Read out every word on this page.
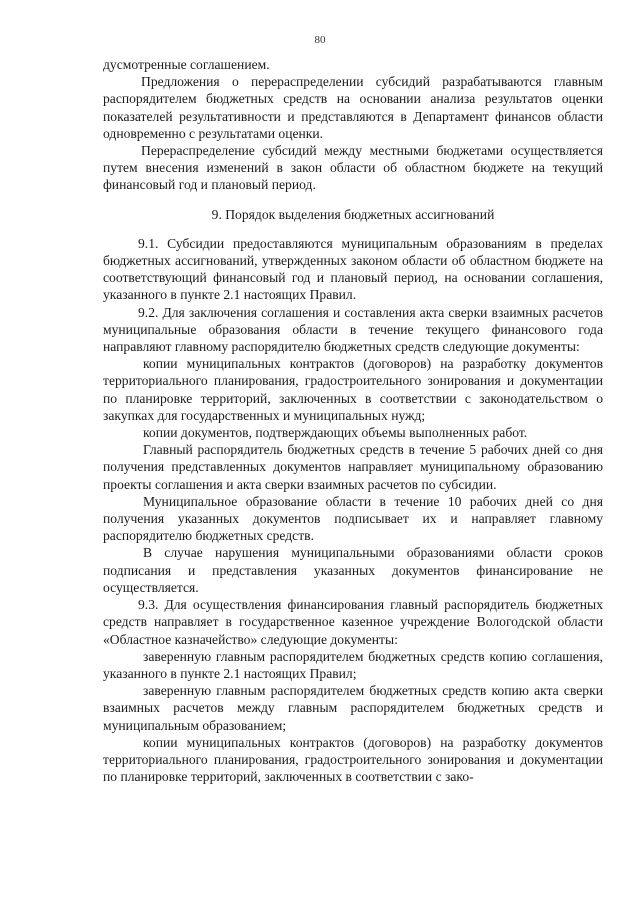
80

дусмотренные соглашением.

Предложения о перераспределении субсидий разрабатываются главным распорядителем бюджетных средств на основании анализа результатов оценки показателей результативности и представляются в Департамент финансов области одновременно с результатами оценки.

Перераспределение субсидий между местными бюджетами осуществляется путем внесения изменений в закон области об областном бюджете на текущий финансовый год и плановый период.

9. Порядок выделения бюджетных ассигнований

9.1. Субсидии предоставляются муниципальным образованиям в пределах бюджетных ассигнований, утвержденных законом области об областном бюджете на соответствующий финансовый год и плановый период, на основании соглашения, указанного в пункте 2.1 настоящих Правил.

9.2. Для заключения соглашения и составления акта сверки взаимных расчетов муниципальные образования области в течение текущего финансового года направляют главному распорядителю бюджетных средств следующие документы:

копии муниципальных контрактов (договоров) на разработку документов территориального планирования, градостроительного зонирования и документации по планировке территорий, заключенных в соответствии с законодательством о закупках для государственных и муниципальных нужд;

копии документов, подтверждающих объемы выполненных работ.

Главный распорядитель бюджетных средств в течение 5 рабочих дней со дня получения представленных документов направляет муниципальному образованию проекты соглашения и акта сверки взаимных расчетов по субсидии.

Муниципальное образование области в течение 10 рабочих дней со дня получения указанных документов подписывает их и направляет главному распорядителю бюджетных средств.

В случае нарушения муниципальными образованиями области сроков подписания и представления указанных документов финансирование не осуществляется.

9.3. Для осуществления финансирования главный распорядитель бюджетных средств направляет в государственное казенное учреждение Вологодской области «Областное казначейство» следующие документы:

заверенную главным распорядителем бюджетных средств копию соглашения, указанного в пункте 2.1 настоящих Правил;

заверенную главным распорядителем бюджетных средств копию акта сверки взаимных расчетов между главным распорядителем бюджетных средств и муниципальным образованием;

копии муниципальных контрактов (договоров) на разработку документов территориального планирования, градостроительного зонирования и документации по планировке территорий, заключенных в соответствии с зако-
